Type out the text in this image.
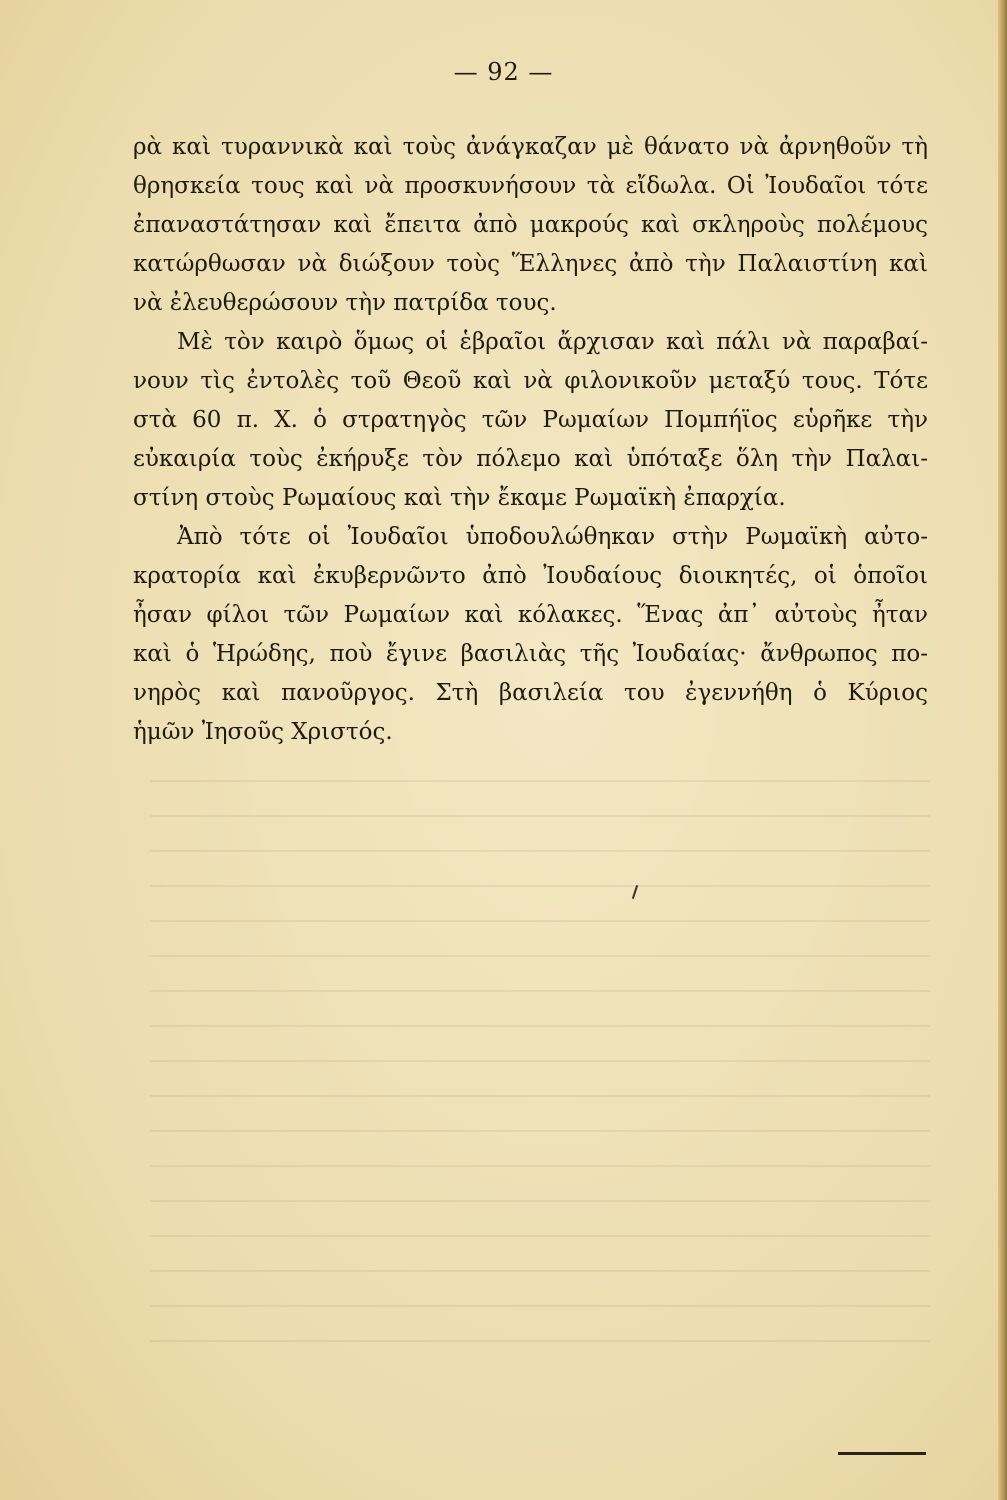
— 92 —
ρὰ καὶ τυραννικὰ καὶ τοὺς ἀνάγκαζαν μὲ θάνατο νὰ ἀρνηθοῦν τὴ
θρησκεία τους καὶ νὰ προσκυνήσουν τὰ εἴδωλα. Οἱ Ἰουδαῖοι τότε
ἐπαναστάτησαν καὶ ἔπειτα ἀπὸ μακρούς καὶ σκληροὺς πολέμους
κατώρθωσαν νὰ διώξουν τοὺς Ἕλληνες ἀπὸ τὴν Παλαιστίνη καὶ
νὰ ἐλευθερώσουν τὴν πατρίδα τους.
Μὲ τὸν καιρὸ ὅμως οἱ ἑβραῖοι ἄρχισαν καὶ πάλι νὰ παραβαί-
νουν τὶς ἐντολὲς τοῦ Θεοῦ καὶ νὰ φιλονικοῦν μεταξύ τους. Τότε
στὰ 60 π. Χ. ὁ στρατηγὸς τῶν Ρωμαίων Πομπήϊος εὑρῆκε τὴν
εὐκαιρία τοὺς ἐκήρυξε τὸν πόλεμο καὶ ὑπόταξε ὅλη τὴν Παλαι-
στίνη στοὺς Ρωμαίους καὶ τὴν ἔκαμε Ρωμαϊκὴ ἐπαρχία.
Ἀπὸ τότε οἱ Ἰουδαῖοι ὑποδουλώθηκαν στὴν Ρωμαϊκὴ αὐτο-
κρατορία καὶ ἐκυβερνῶντο ἀπὸ Ἰουδαίους διοικητές, οἱ ὁποῖοι
ἦσαν φίλοι τῶν Ρωμαίων καὶ κόλακες. Ἕνας ἀπ᾽ αὐτοὺς ἦταν
καὶ ὁ Ἡρώδης, ποὺ ἔγινε βασιλιὰς τῆς Ἰουδαίας· ἄνθρωπος πο-
νηρὸς καὶ πανοῦργος. Στὴ βασιλεία του ἐγεννήθη ὁ Κύριος
ἡμῶν Ἰησοῦς Χριστός.
